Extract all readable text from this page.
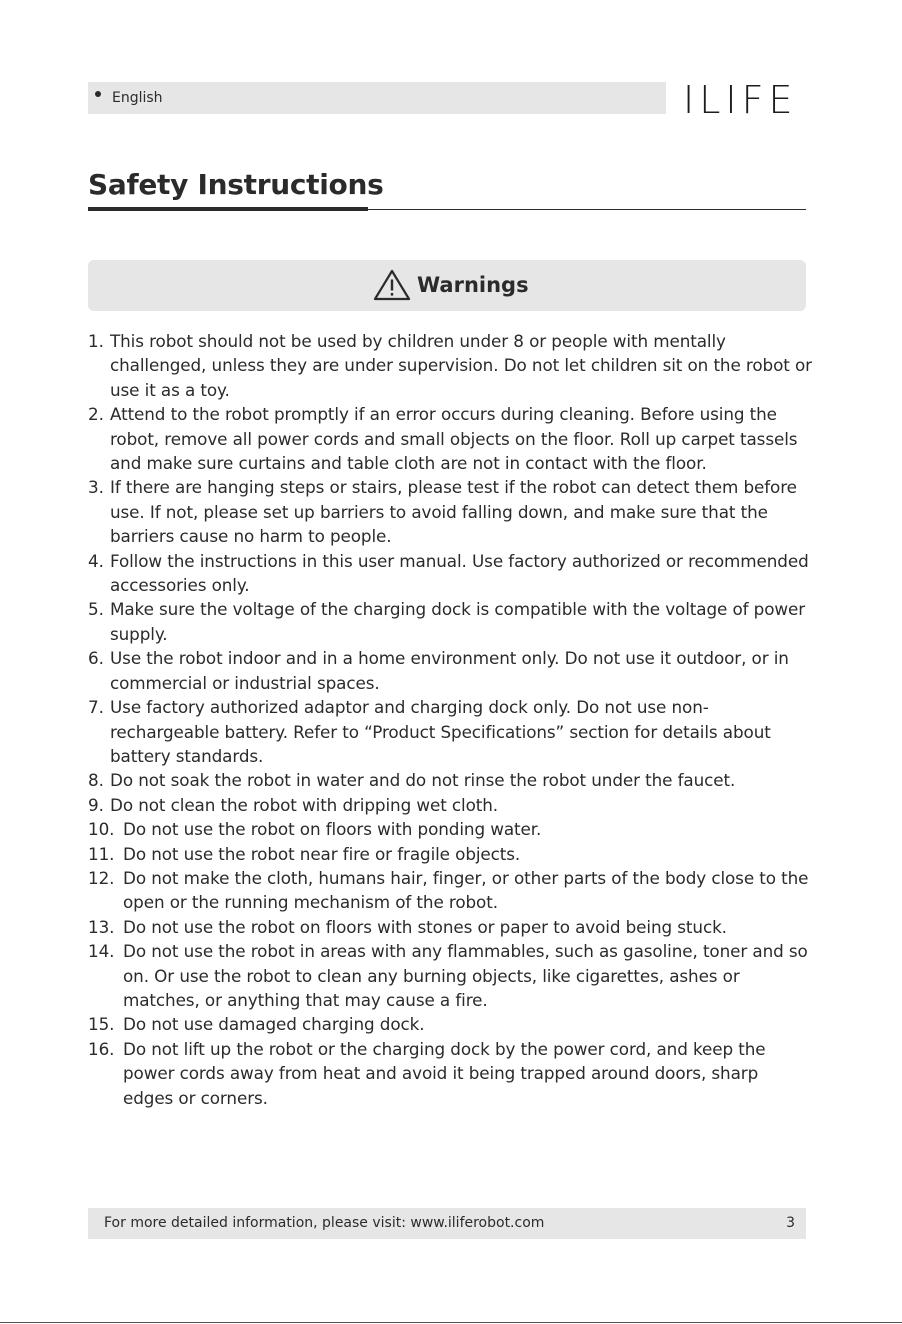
English	ILIFE
Safety Instructions
Warnings
1. This robot should not be used by children under 8 or people with mentally challenged, unless they are under supervision. Do not let children sit on the robot or use it as a toy.
2. Attend to the robot promptly if an error occurs during cleaning. Before using the robot, remove all power cords and small objects on the floor. Roll up carpet tassels and make sure curtains and table cloth are not in contact with the floor.
3. If there are hanging steps or stairs, please test if the robot can detect them before use. If not, please set up barriers to avoid falling down, and make sure that the barriers cause no harm to people.
4. Follow the instructions in this user manual. Use factory authorized or recommended accessories only.
5. Make sure the voltage of the charging dock is compatible with the voltage of power supply.
6. Use the robot indoor and in a home environment only. Do not use it outdoor, or in commercial or industrial spaces.
7. Use factory authorized adaptor and charging dock only. Do not use non-rechargeable battery. Refer to “Product Specifications” section for details about battery standards.
8. Do not soak the robot in water and do not rinse the robot under the faucet.
9. Do not clean the robot with dripping wet cloth.
10. Do not use the robot on floors with ponding water.
11. Do not use the robot near fire or fragile objects.
12. Do not make the cloth, humans hair, finger, or other parts of the body close to the open or the running mechanism of the robot.
13. Do not use the robot on floors with stones or paper to avoid being stuck.
14. Do not use the robot in areas with any flammables, such as gasoline, toner and so on. Or use the robot to clean any burning objects, like cigarettes, ashes or matches, or anything that may cause a fire.
15. Do not use damaged charging dock.
16. Do not lift up the robot or the charging dock by the power cord, and keep the power cords away from heat and avoid it being trapped around doors, sharp edges or corners.
For more detailed information, please visit: www.iliferobot.com	3
